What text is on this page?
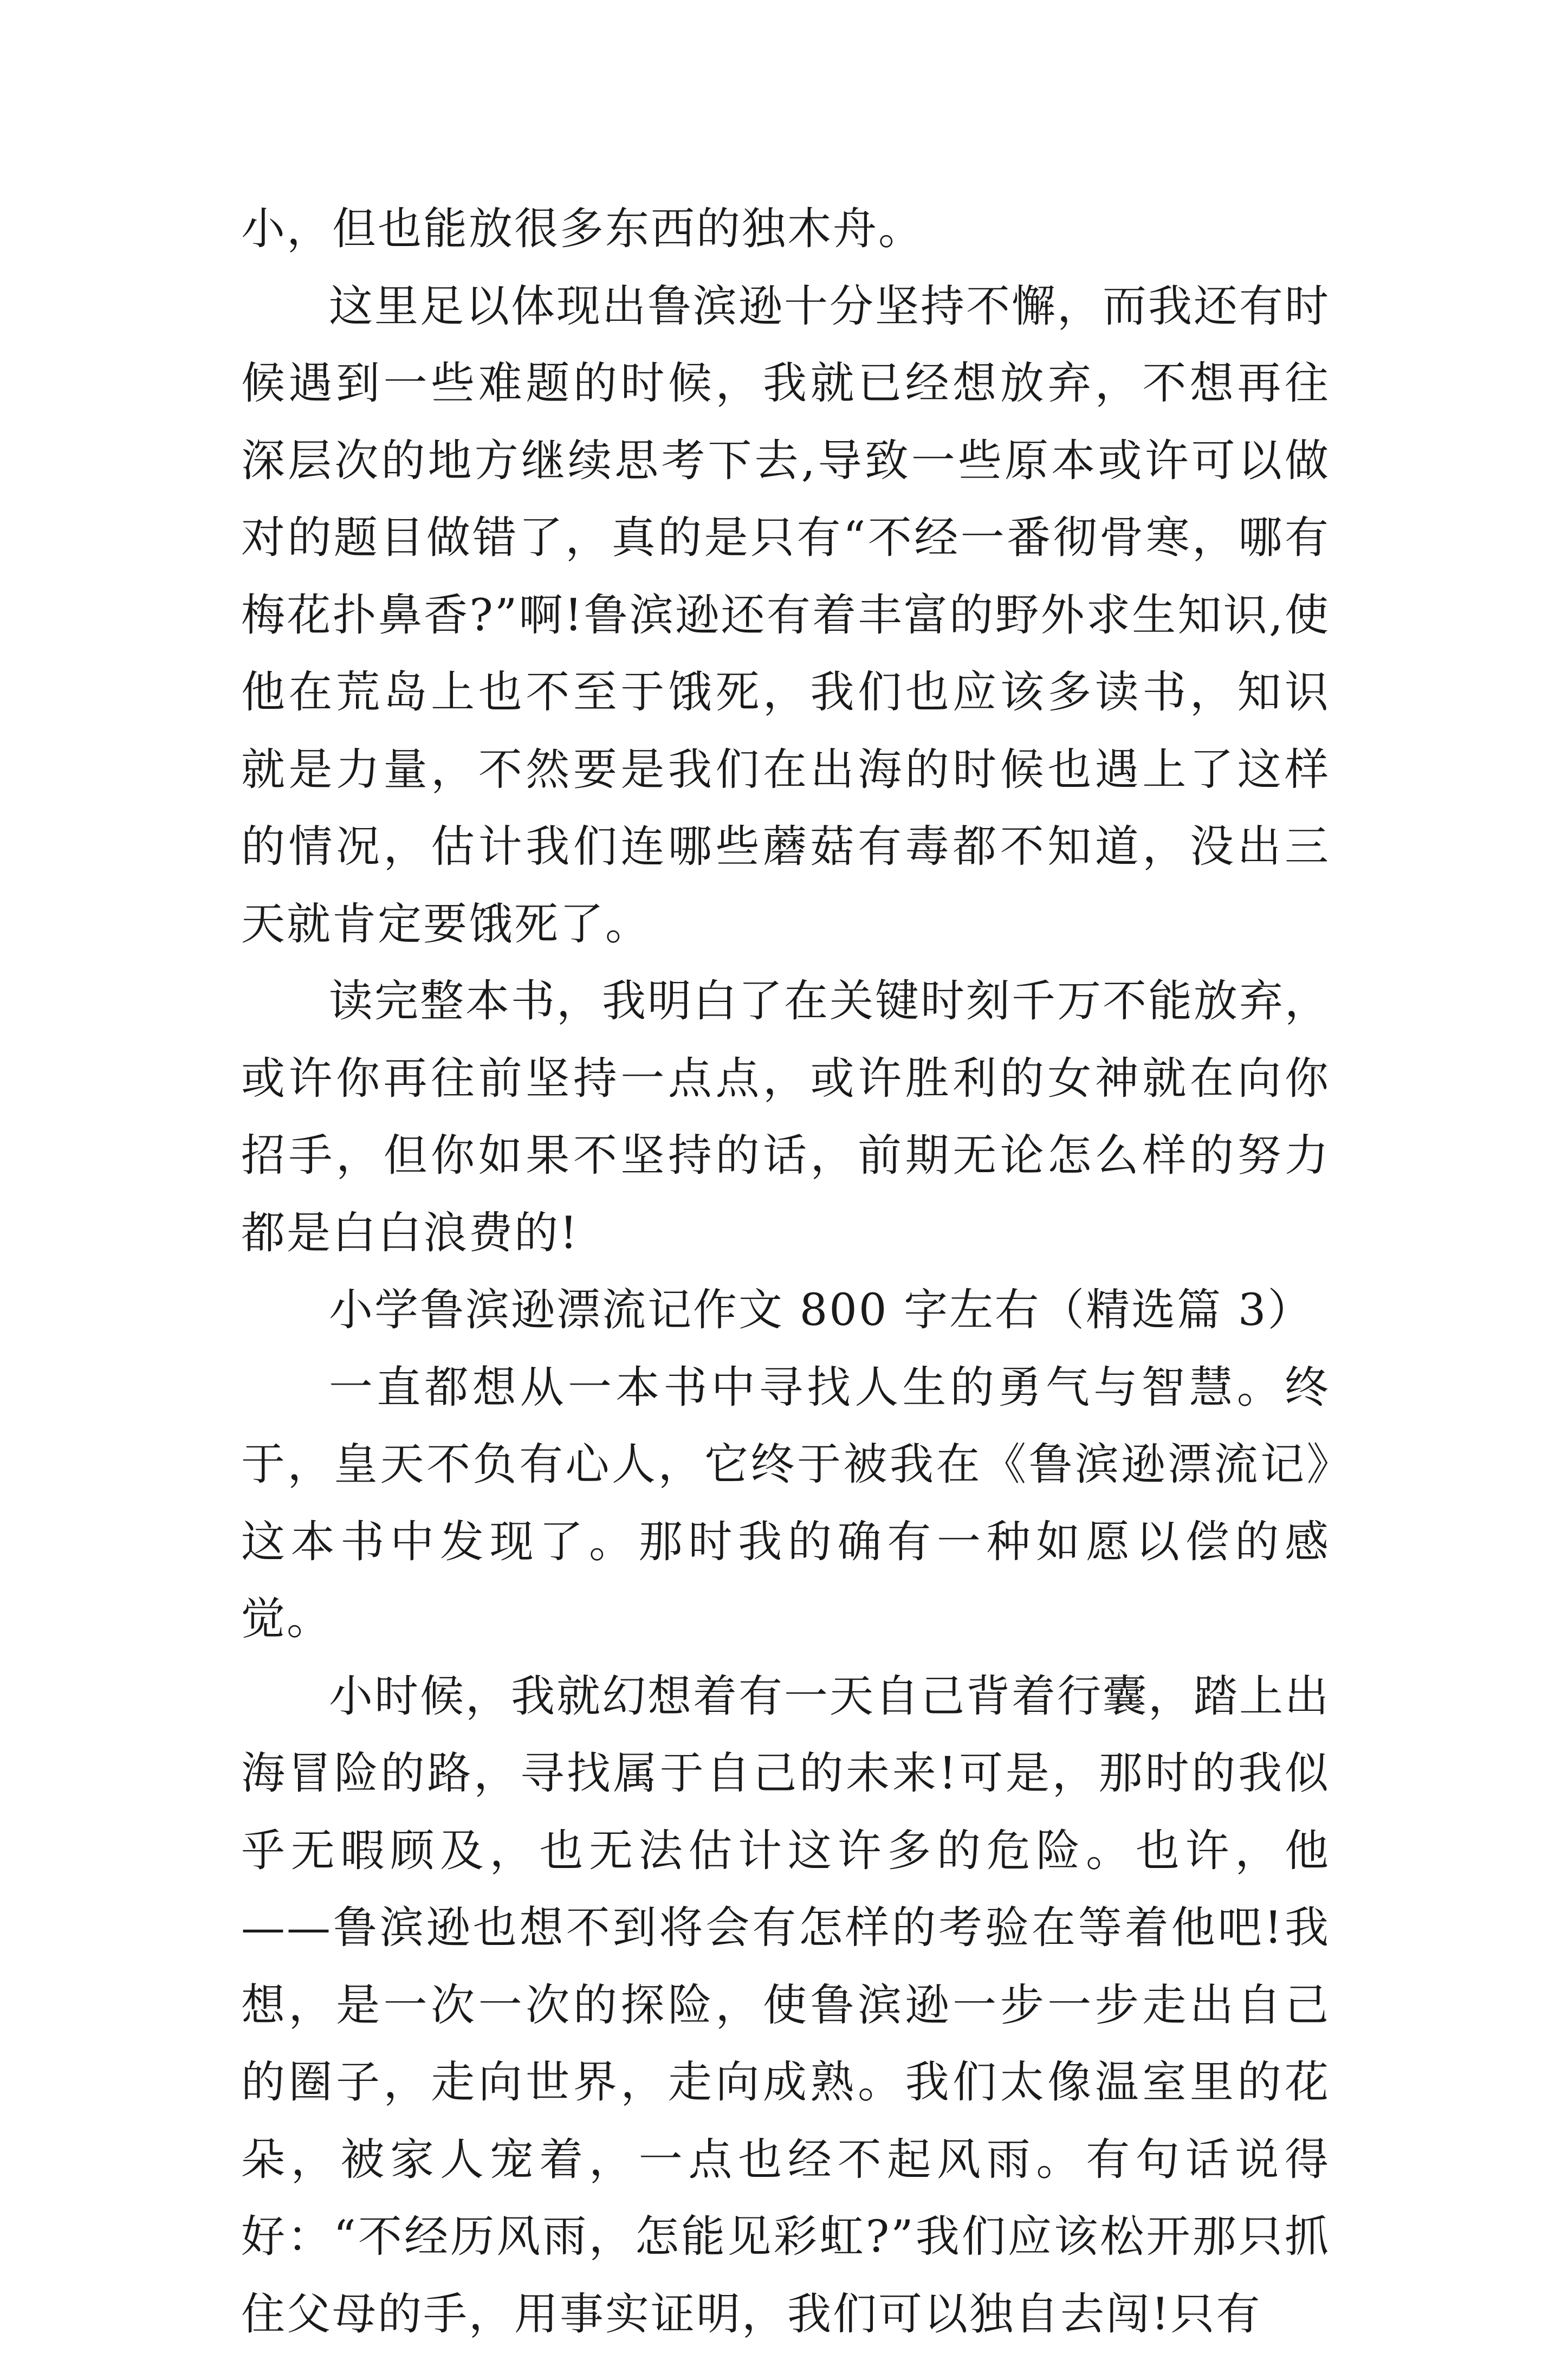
小，但也能放很多东西的独木舟。

这里足以体现出鲁滨逊十分坚持不懈，而我还有时候遇到一些难题的时候，我就已经想放弃，不想再往深层次的地方继续思考下去,导致一些原本或许可以做对的题目做错了，真的是只有“不经一番彻骨寒，哪有梅花扑鼻香?”啊!鲁滨逊还有着丰富的野外求生知识,使他在荒岛上也不至于饿死，我们也应该多读书，知识就是力量，不然要是我们在出海的时候也遇上了这样的情况，估计我们连哪些蘑菇有毒都不知道，没出三天就肯定要饿死了。

读完整本书，我明白了在关键时刻千万不能放弃，或许你再往前坚持一点点，或许胜利的女神就在向你招手，但你如果不坚持的话，前期无论怎么样的努力都是白白浪费的!

小学鲁滨逊漂流记作文 800 字左右（精选篇 3）

一直都想从一本书中寻找人生的勇气与智慧。终于，皇天不负有心人，它终于被我在《鲁滨逊漂流记》这本书中发现了。那时我的确有一种如愿以偿的感觉。

小时候，我就幻想着有一天自己背着行囊，踏上出海冒险的路，寻找属于自己的未来!可是，那时的我似乎无暇顾及，也无法估计这许多的危险。也许，他——鲁滨逊也想不到将会有怎样的考验在等着他吧!我想，是一次一次的探险，使鲁滨逊一步一步走出自己的圈子，走向世界，走向成熟。我们太像温室里的花朵，被家人宠着，一点也经不起风雨。有句话说得好：“不经历风雨，怎能见彩虹?”我们应该松开那只抓住父母的手，用事实证明，我们可以独自去闯!只有
